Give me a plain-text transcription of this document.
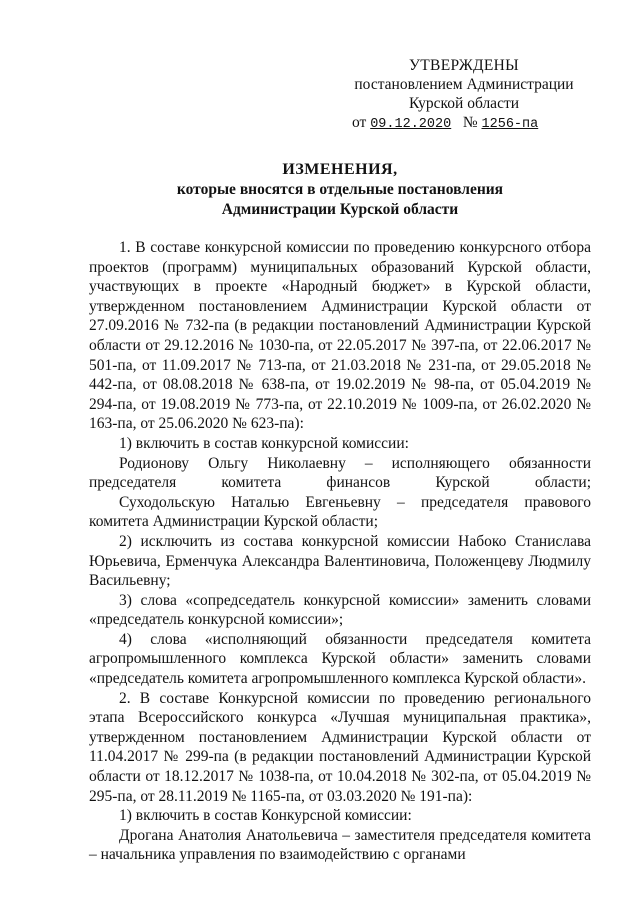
УТВЕРЖДЕНЫ
постановлением Администрации
Курской области
от 09.12.2020 № 1256-па
ИЗМЕНЕНИЯ,
которые вносятся в отдельные постановления
Администрации Курской области

1. В составе конкурсной комиссии по проведению конкурсного отбора проектов (программ) муниципальных образований Курской области, участвующих в проекте «Народный бюджет» в Курской области, утвержденном постановлением Администрации Курской области от 27.09.2016 № 732-па (в редакции постановлений Администрации Курской области от 29.12.2016 № 1030-па, от 22.05.2017 № 397-па, от 22.06.2017 № 501-па, от 11.09.2017 № 713-па, от 21.03.2018 № 231-па, от 29.05.2018 № 442-па, от 08.08.2018 № 638-па, от 19.02.2019 № 98-па, от 05.04.2019 № 294-па, от 19.08.2019 № 773-па, от 22.10.2019 № 1009-па, от 26.02.2020 № 163-па, от 25.06.2020 № 623-па):

1) включить в состав конкурсной комиссии:

Родионову Ольгу Николаевну – исполняющего обязанности председателя комитета финансов Курской области;

Суходольскую Наталью Евгеньевну – председателя правового комитета Администрации Курской области;

2) исключить из состава конкурсной комиссии Набоко Станислава Юрьевича, Ерменчука Александра Валентиновича, Положенцеву Людмилу Васильевну;

3) слова «сопредседатель конкурсной комиссии» заменить словами «председатель конкурсной комиссии»;

4) слова «исполняющий обязанности председателя комитета агропромышленного комплекса Курской области» заменить словами «председатель комитета агропромышленного комплекса Курской области».

2. В составе Конкурсной комиссии по проведению регионального этапа Всероссийского конкурса «Лучшая муниципальная практика», утвержденном постановлением Администрации Курской области от 11.04.2017 № 299-па (в редакции постановлений Администрации Курской области от 18.12.2017 № 1038-па, от 10.04.2018 № 302-па, от 05.04.2019 № 295-па, от 28.11.2019 № 1165-па, от 03.03.2020 № 191-па):

1) включить в состав Конкурсной комиссии:

Дрогана Анатолия Анатольевича – заместителя председателя комитета – начальника управления по взаимодействию с органами
